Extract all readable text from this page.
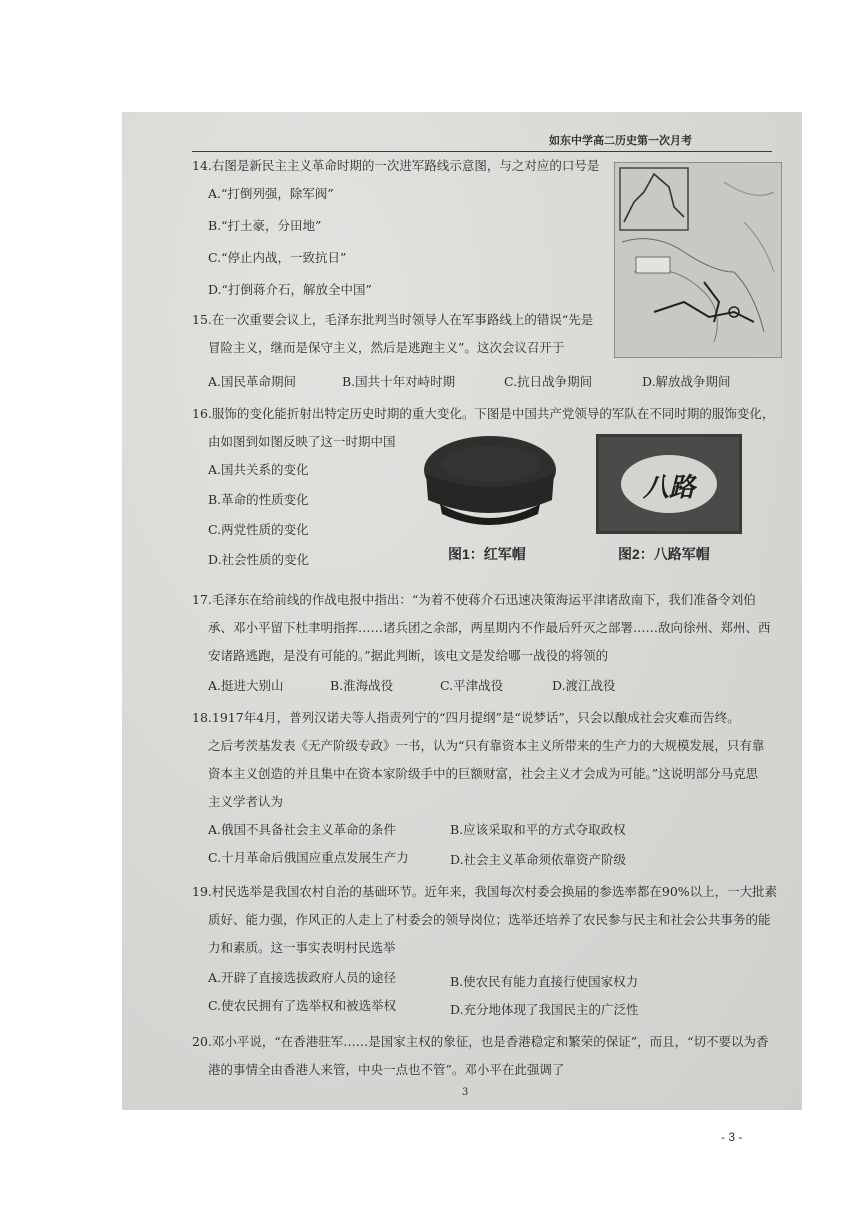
如东中学高二历史第一次月考
14.右图是新民主主义革命时期的一次进军路线示意图，与之对应的口号是
A.“打倒列强，除军阀”
B.“打土豪，分田地”
C.“停止内战，一致抗日”
D.“打倒蒋介石，解放全中国”
15.在一次重要会议上，毛泽东批判当时领导人在军事路线上的错误“先是
冒险主义，继而是保守主义，然后是逃跑主义”。这次会议召开于
A.国民革命期间	B.国共十年对峙时期	C.抗日战争期间	D.解放战争期间
16.服饰的变化能折射出特定历史时期的重大变化。下图是中国共产党领导的军队在不同时期的服饰变化，
由如图到如图反映了这一时期中国
A.国共关系的变化
B.革命的性质变化
C.两党性质的变化
D.社会性质的变化
八路
图1：红军帽	图2：八路军帽
17.毛泽东在给前线的作战电报中指出：“为着不使蒋介石迅速决策海运平津诸敌南下，我们准备令刘伯
承、邓小平留下杜聿明指挥……诸兵团之余部，两星期内不作最后歼灭之部署……敌向徐州、郑州、西
安诸路逃跑，是没有可能的。”据此判断，该电文是发给哪一战役的将领的
A.挺进大别山	B.淮海战役	C.平津战役	D.渡江战役
18.1917年4月，普列汉诺夫等人指责列宁的“四月提纲”是“说梦话”，只会以酿成社会灾难而告终。
之后考茨基发表《无产阶级专政》一书，认为“只有靠资本主义所带来的生产力的大规模发展，只有靠
资本主义创造的并且集中在资本家阶级手中的巨额财富，社会主义才会成为可能。”这说明部分马克思
主义学者认为
A.俄国不具备社会主义革命的条件	B.应该采取和平的方式夺取政权
C.十月革命后俄国应重点发展生产力	D.社会主义革命须依靠资产阶级
19.村民选举是我国农村自治的基础环节。近年来，我国每次村委会换届的参选率都在90%以上，一大批素
质好、能力强，作风正的人走上了村委会的领导岗位；选举还培养了农民参与民主和社会公共事务的能
力和素质。这一事实表明村民选举
A.开辟了直接选拔政府人员的途径	B.使农民有能力直接行使国家权力
C.使农民拥有了选举权和被选举权	D.充分地体现了我国民主的广泛性
20.邓小平说，“在香港驻军……是国家主权的象征，也是香港稳定和繁荣的保证”，而且，“切不要以为香
港的事情全由香港人来管，中央一点也不管”。邓小平在此强调了
3
- 3 -
